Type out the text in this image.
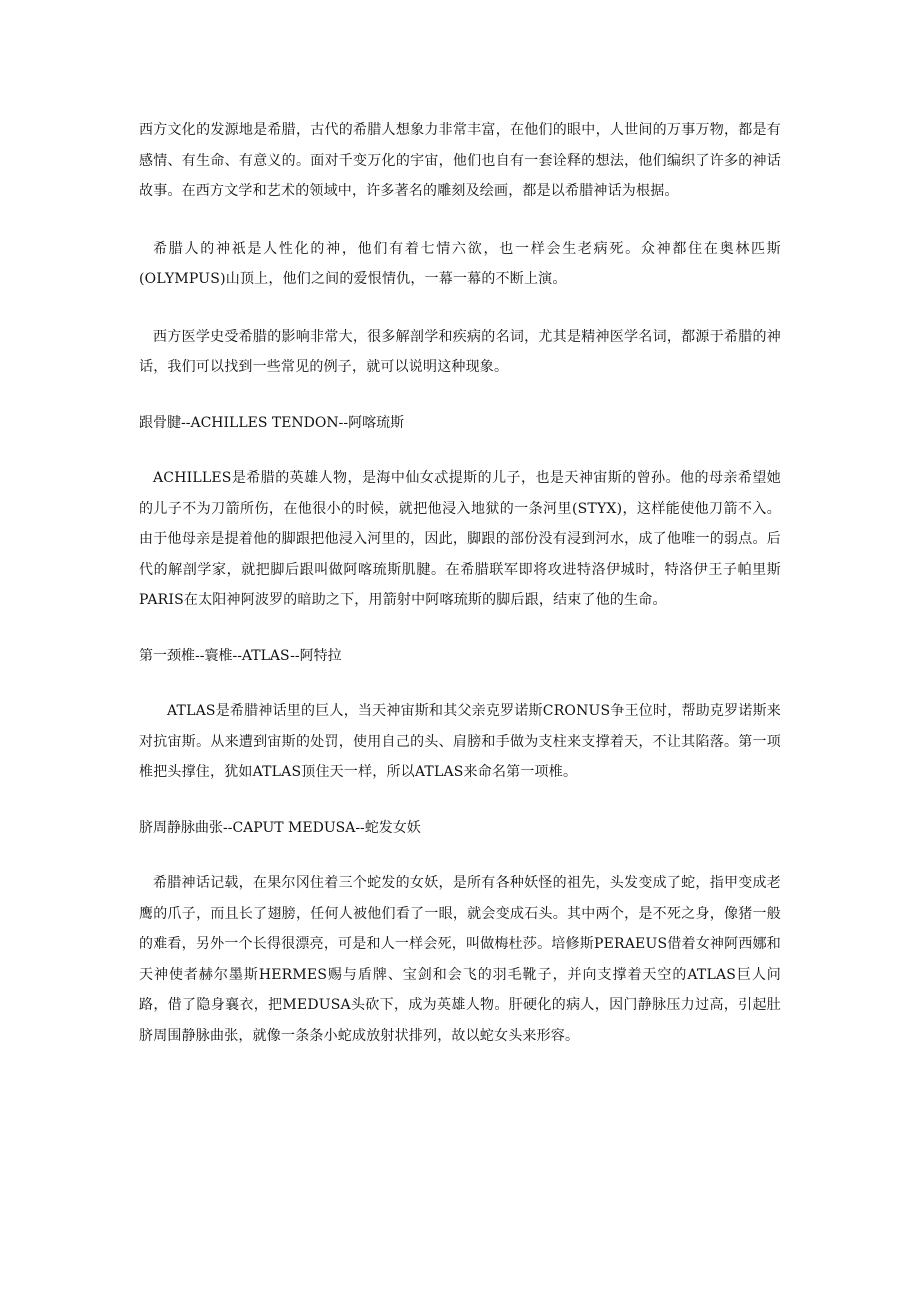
西方文化的发源地是希腊，古代的希腊人想象力非常丰富，在他们的眼中，人世间的万事万物，都是有感情、有生命、有意义的。面对千变万化的宇宙，他们也自有一套诠释的想法，他们编织了许多的神话故事。在西方文学和艺术的领域中，许多著名的雕刻及绘画，都是以希腊神话为根据。

希腊人的神祇是人性化的神，他们有着七情六欲，也一样会生老病死。众神都住在奥林匹斯(OLYMPUS)山顶上，他们之间的爱恨情仇，一幕一幕的不断上演。

西方医学史受希腊的影响非常大，很多解剖学和疾病的名词，尤其是精神医学名词，都源于希腊的神话，我们可以找到一些常见的例子，就可以说明这种现象。

跟骨腱--ACHILLES TENDON--阿喀琉斯

ACHILLES是希腊的英雄人物，是海中仙女忒提斯的儿子，也是天神宙斯的曾孙。他的母亲希望她的儿子不为刀箭所伤，在他很小的时候，就把他浸入地狱的一条河里(STYX)，这样能使他刀箭不入。由于他母亲是提着他的脚跟把他浸入河里的，因此，脚跟的部份没有浸到河水，成了他唯一的弱点。后代的解剖学家，就把脚后跟叫做阿喀琉斯肌腱。在希腊联军即将攻进特洛伊城时，特洛伊王子帕里斯PARIS在太阳神阿波罗的暗助之下，用箭射中阿喀琉斯的脚后跟，结束了他的生命。

第一颈椎--寰椎--ATLAS--阿特拉

ATLAS是希腊神话里的巨人，当天神宙斯和其父亲克罗诺斯CRONUS争王位时，帮助克罗诺斯来对抗宙斯。从来遭到宙斯的处罚，使用自己的头、肩膀和手做为支柱来支撑着天，不让其陷落。第一项椎把头撑住，犹如ATLAS顶住天一样，所以ATLAS来命名第一项椎。

脐周静脉曲张--CAPUT MEDUSA--蛇发女妖

希腊神话记载，在果尔冈住着三个蛇发的女妖，是所有各种妖怪的祖先，头发变成了蛇，指甲变成老鹰的爪子，而且长了翅膀，任何人被他们看了一眼，就会变成石头。其中两个，是不死之身，像猪一般的难看，另外一个长得很漂亮，可是和人一样会死，叫做梅杜莎。培修斯PERAEUS借着女神阿西娜和天神使者赫尔墨斯HERMES赐与盾牌、宝剑和会飞的羽毛靴子，并向支撑着天空的ATLAS巨人问路，借了隐身襄衣，把MEDUSA头砍下，成为英雄人物。肝硬化的病人，因门静脉压力过高，引起肚脐周围静脉曲张，就像一条条小蛇成放射状排列，故以蛇女头来形容。
